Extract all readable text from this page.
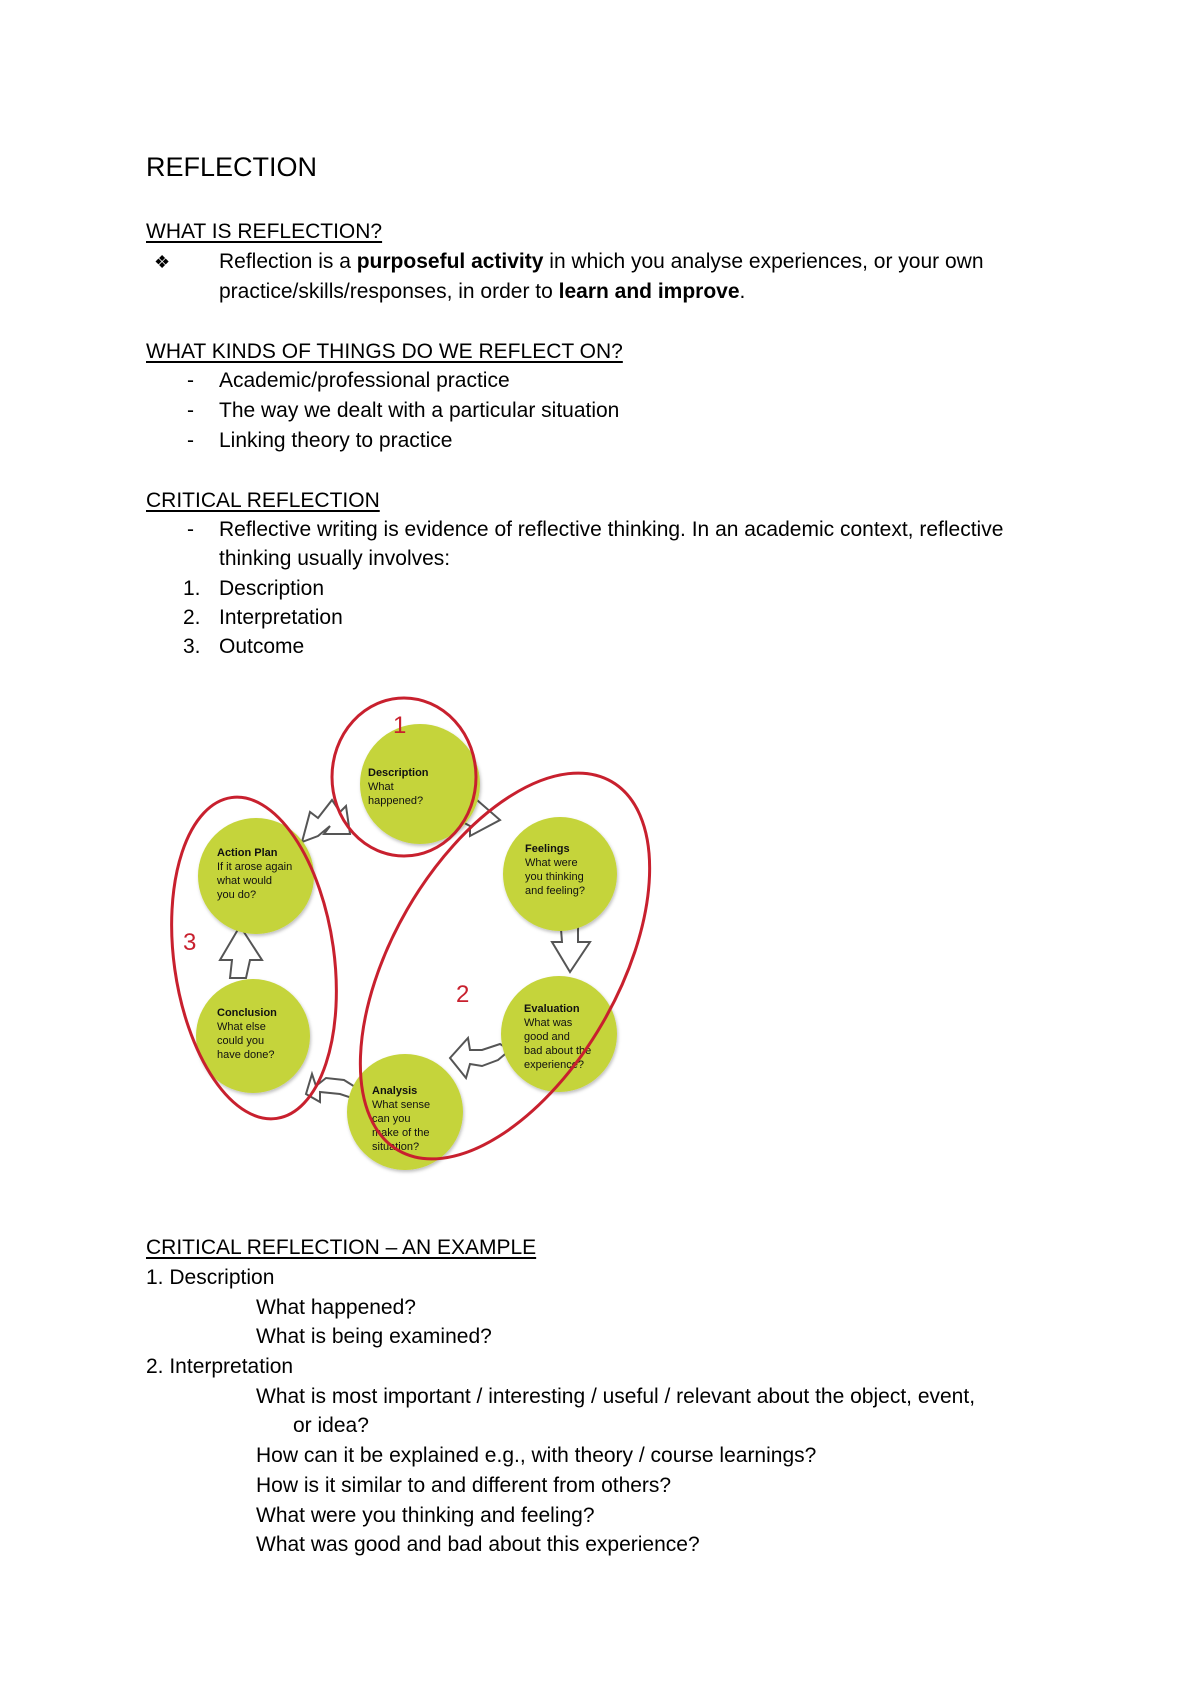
REFLECTION
WHAT IS REFLECTION?
❖ Reflection is a purposeful activity in which you analyse experiences, or your own
practice/skills/responses, in order to learn and improve.
WHAT KINDS OF THINGS DO WE REFLECT ON?
- Academic/professional practice
- The way we dealt with a particular situation
- Linking theory to practice
CRITICAL REFLECTION
- Reflective writing is evidence of reflective thinking. In an academic context, reflective
thinking usually involves:
1. Description
2. Interpretation
3. Outcome
Description
What
happened?
Feelings
What were
you thinking
and feeling?
Evaluation
What was
good and
bad about the
experience?
Analysis
What sense
can you
make of the
situation?
Conclusion
What else
could you
have done?
Action Plan
If it arose again
what would
you do?
1
2
3
CRITICAL REFLECTION – AN EXAMPLE
1. Description
What happened?
What is being examined?
2. Interpretation
What is most important / interesting / useful / relevant about the object, event,
or idea?
How can it be explained e.g., with theory / course learnings?
How is it similar to and different from others?
What were you thinking and feeling?
What was good and bad about this experience?
